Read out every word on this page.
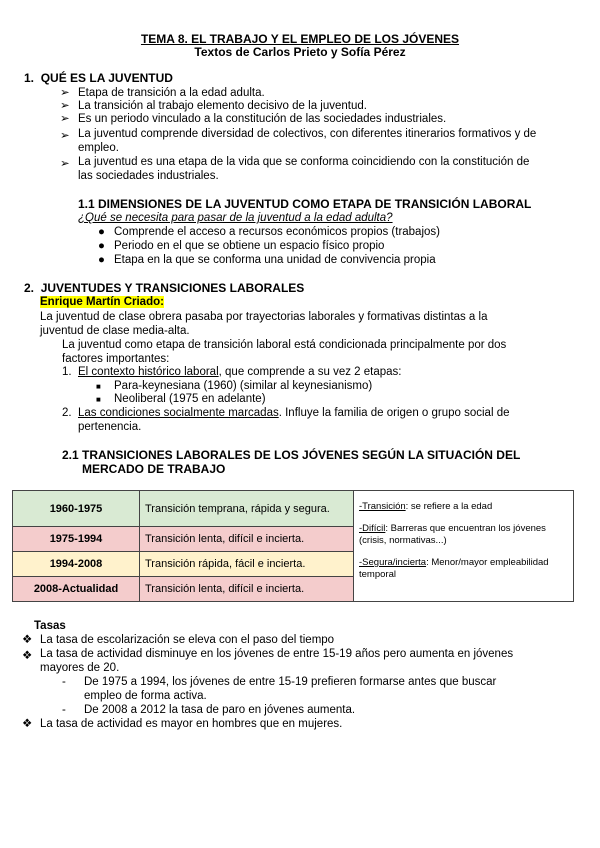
TEMA 8. EL TRABAJO Y EL EMPLEO DE LOS JÓVENES
Textos de Carlos Prieto y Sofía Pérez
1. QUÉ ES LA JUVENTUD
➢ Etapa de transición a la edad adulta.
➢ La transición al trabajo elemento decisivo de la juventud.
➢ Es un periodo vinculado a la constitución de las sociedades industriales.
➢ La juventud comprende diversidad de colectivos, con diferentes itinerarios formativos y de empleo.
➢ La juventud es una etapa de la vida que se conforma coincidiendo con la constitución de las sociedades industriales.
1.1 DIMENSIONES DE LA JUVENTUD COMO ETAPA DE TRANSICIÓN LABORAL
¿Qué se necesita para pasar de la juventud a la edad adulta?
● Comprende el acceso a recursos económicos propios (trabajos)
● Periodo en el que se obtiene un espacio físico propio
● Etapa en la que se conforma una unidad de convivencia propia
2. JUVENTUDES Y TRANSICIONES LABORALES
Enrique Martín Criado:
La juventud de clase obrera pasaba por trayectorias laborales y formativas distintas a la juventud de clase media-alta.
La juventud como etapa de transición laboral está condicionada principalmente por dos factores importantes:
1. El contexto histórico laboral, que comprende a su vez 2 etapas:
■ Para-keynesiana (1960) (similar al keynesianismo)
■ Neoliberal (1975 en adelante)
2. Las condiciones socialmente marcadas. Influye la familia de origen o grupo social de pertenencia.
2.1 TRANSICIONES LABORALES DE LOS JÓVENES SEGÚN LA SITUACIÓN DEL
MERCADO DE TRABAJO
1960-1975	Transición temprana, rápida y segura.	-Transición: se refiere a la edad
-Difícil: Barreras que encuentran los jóvenes (crisis, normativas...)
-Segura/incierta: Menor/mayor empleabilidad temporal

1975-1994	Transición lenta, difícil e incierta.	
1994-2008	Transición rápida, fácil e incierta.	
2008-Actualidad	Transición lenta, difícil e incierta.	
Tasas
❖ La tasa de escolarización se eleva con el paso del tiempo
❖ La tasa de actividad disminuye en los jóvenes de entre 15-19 años pero aumenta en jóvenes mayores de 20.
- De 1975 a 1994, los jóvenes de entre 15-19 prefieren formarse antes que buscar empleo de forma activa.
- De 2008 a 2012 la tasa de paro en jóvenes aumenta.
❖ La tasa de actividad es mayor en hombres que en mujeres.
